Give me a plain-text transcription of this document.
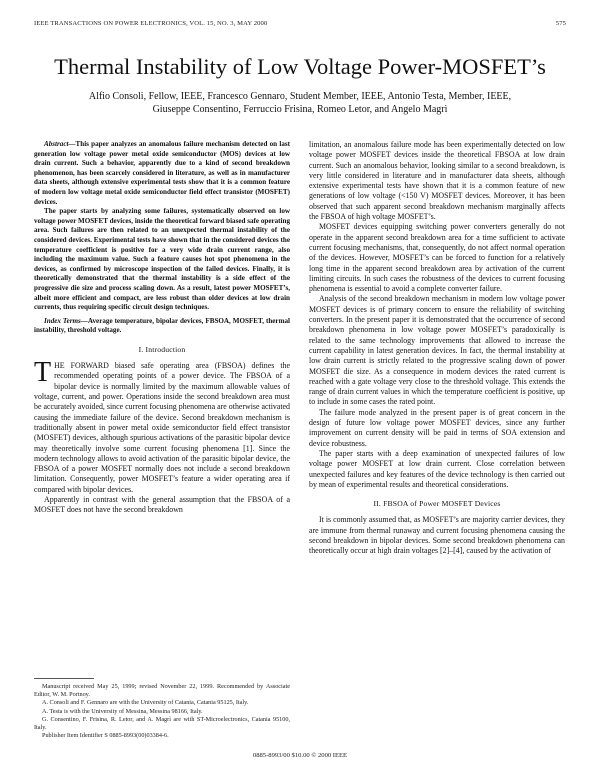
IEEE TRANSACTIONS ON POWER ELECTRONICS, VOL. 15, NO. 3, MAY 2000	575
Thermal Instability of Low Voltage Power-MOSFET’s
Alfio Consoli, Fellow, IEEE, Francesco Gennaro, Student Member, IEEE, Antonio Testa, Member, IEEE,
Giuseppe Consentino, Ferruccio Frisina, Romeo Letor, and Angelo Magrì

Abstract—This paper analyzes an anomalous failure mechanism detected on last generation low voltage power metal oxide semiconductor (MOS) devices at low drain current. Such a behavior, apparently due to a kind of second breakdown phenomenon, has been scarcely considered in literature, as well as in manufacturer data sheets, although extensive experimental tests show that it is a common feature of modern low voltage metal oxide semiconductor field effect transistor (MOSFET) devices.

The paper starts by analyzing some failures, systematically observed on low voltage power MOSFET devices, inside the theoretical forward biased safe operating area. Such failures are then related to an unexpected thermal instability of the considered devices. Experimental tests have shown that in the considered devices the temperature coefficient is positive for a very wide drain current range, also including the maximum value. Such a feature causes hot spot phenomena in the devices, as confirmed by microscope inspection of the failed devices. Finally, it is theoretically demonstrated that the thermal instability is a side effect of the progressive die size and process scaling down. As a result, latest power MOSFET’s, albeit more efficient and compact, are less robust than older devices at low drain currents, thus requiring specific circuit design techniques.

Index Terms—Average temperature, bipolar devices, FBSOA, MOSFET, thermal instability, threshold voltage.

I. Introduction

THE FORWARD biased safe operating area (FBSOA) defines the recommended operating points of a power device. The FBSOA of a bipolar device is normally limited by the maximum allowable values of voltage, current, and power. Operations inside the second breakdown area must be accurately avoided, since current focusing phenomena are otherwise activated causing the immediate failure of the device. Second breakdown mechanism is traditionally absent in power metal oxide semiconductor field effect transistor (MOSFET) devices, although spurious activations of the parasitic bipolar device may theoretically involve some current focusing phenomena [1]. Since the modern technology allows to avoid activation of the parasitic bipolar device, the FBSOA of a power MOSFET normally does not include a second breakdown limitation. Consequently, power MOSFET’s feature a wider operating area if compared with bipolar devices.

Apparently in contrast with the general assumption that the FBSOA of a MOSFET does not have the second breakdown

limitation, an anomalous failure mode has been experimentally detected on low voltage power MOSFET devices inside the theoretical FBSOA at low drain current. Such an anomalous behavior, looking similar to a second breakdown, is very little considered in literature and in manufacturer data sheets, although extensive experimental tests have shown that it is a common feature of new generations of low voltage (<150 V) MOSFET devices. Moreover, it has been observed that such apparent second breakdown mechanism marginally affects the FBSOA of high voltage MOSFET’s.

MOSFET devices equipping switching power converters generally do not operate in the apparent second breakdown area for a time sufficient to activate current focusing mechanisms, that, consequently, do not affect normal operation of the devices. However, MOSFET’s can be forced to function for a relatively long time in the apparent second breakdown area by activation of the current limiting circuits. In such cases the robustness of the devices to current focusing phenomena is essential to avoid a complete converter failure.

Analysis of the second breakdown mechanism in modern low voltage power MOSFET devices is of primary concern to ensure the reliability of switching converters. In the present paper it is demonstrated that the occurrence of second breakdown phenomena in low voltage power MOSFET’s paradoxically is related to the same technology improvements that allowed to increase the current capability in latest generation devices. In fact, the thermal instability at low drain current is strictly related to the progressive scaling down of power MOSFET die size. As a consequence in modern devices the rated current is reached with a gate voltage very close to the threshold voltage. This extends the range of drain current values in which the temperature coefficient is positive, up to include in some cases the rated point.

The failure mode analyzed in the present paper is of great concern in the design of future low voltage power MOSFET devices, since any further improvement on current density will be paid in terms of SOA extension and device robustness.

The paper starts with a deep examination of unexpected failures of low voltage power MOSFET at low drain current. Close correlation between unexpected failures and key features of the device technology is then carried out by mean of experimental results and theoretical considerations.

II. FBSOA of Power MOSFET Devices

It is commonly assumed that, as MOSFET’s are majority carrier devices, they are immune from thermal runaway and current focusing phenomena causing the second breakdown in bipolar devices. Some second breakdown phenomena can theoretically occur at high drain voltages [2]–[4], caused by the activation of

Manuscript received May 25, 1999; revised November 22, 1999. Recommended by Associate Editor, W. M. Portnoy.

A. Consoli and F. Gennaro are with the University of Catania, Catania 95125, Italy.

A. Testa is with the University of Messina, Messina 98166, Italy.

G. Consentino, F. Frisina, R. Letor, and A. Magrì are with ST-Microelectronics, Catania 95100, Italy.

Publisher Item Identifier S 0885-8993(00)03384-6.

0885-8993/00 $10.00 © 2000 IEEE
